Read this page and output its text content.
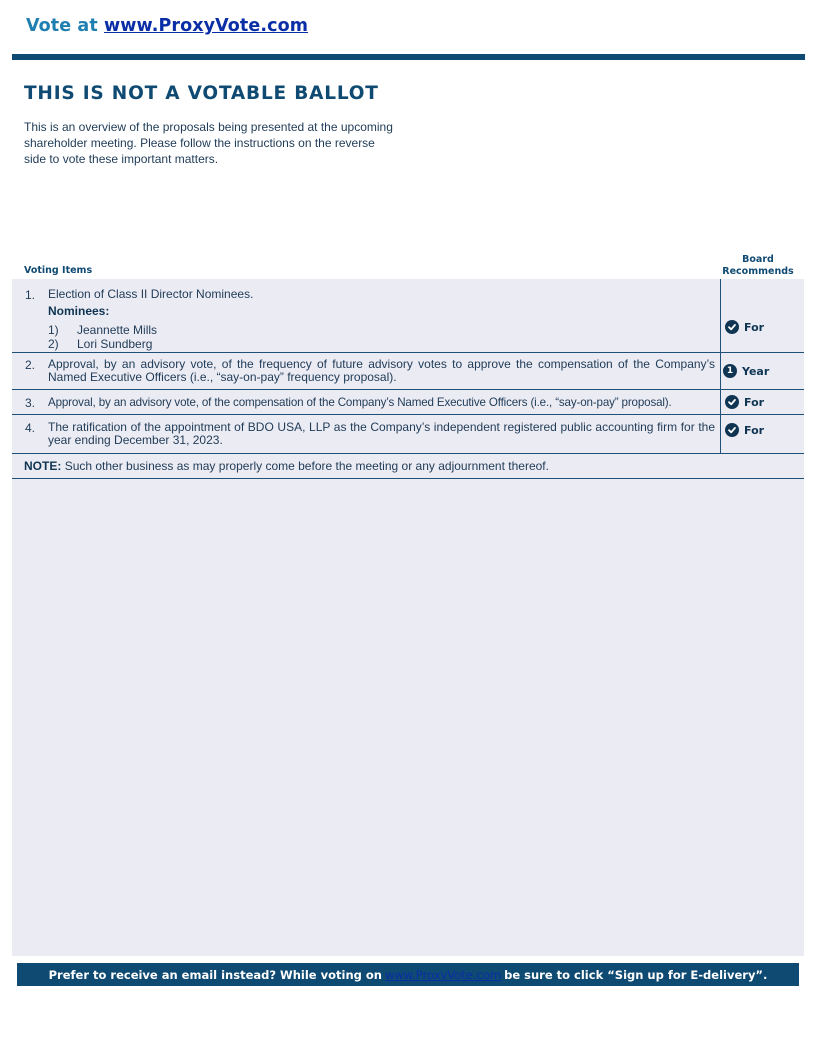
Vote at www.ProxyVote.com
THIS IS NOT A VOTABLE BALLOT
This is an overview of the proposals being presented at the upcoming shareholder meeting. Please follow the instructions on the reverse side to vote these important matters.
Voting Items
Board
Recommends
1. Election of Class II Director Nominees.
Nominees:
1) Jeannette Mills
2) Lori Sundberg
For
2. Approval, by an advisory vote, of the frequency of future advisory votes to approve the compensation of the Company’s Named Executive Officers (i.e., “say-on-pay” frequency proposal).	1 Year
3. Approval, by an advisory vote, of the compensation of the Company’s Named Executive Officers (i.e., “say-on-pay” proposal).	For
4. The ratification of the appointment of BDO USA, LLP as the Company’s independent registered public accounting firm for the year ending December 31, 2023.
For
NOTE: Such other business as may properly come before the meeting or any adjournment thereof.
Prefer to receive an email instead? While voting on www.ProxyVote.com be sure to click “Sign up for E-delivery”.
